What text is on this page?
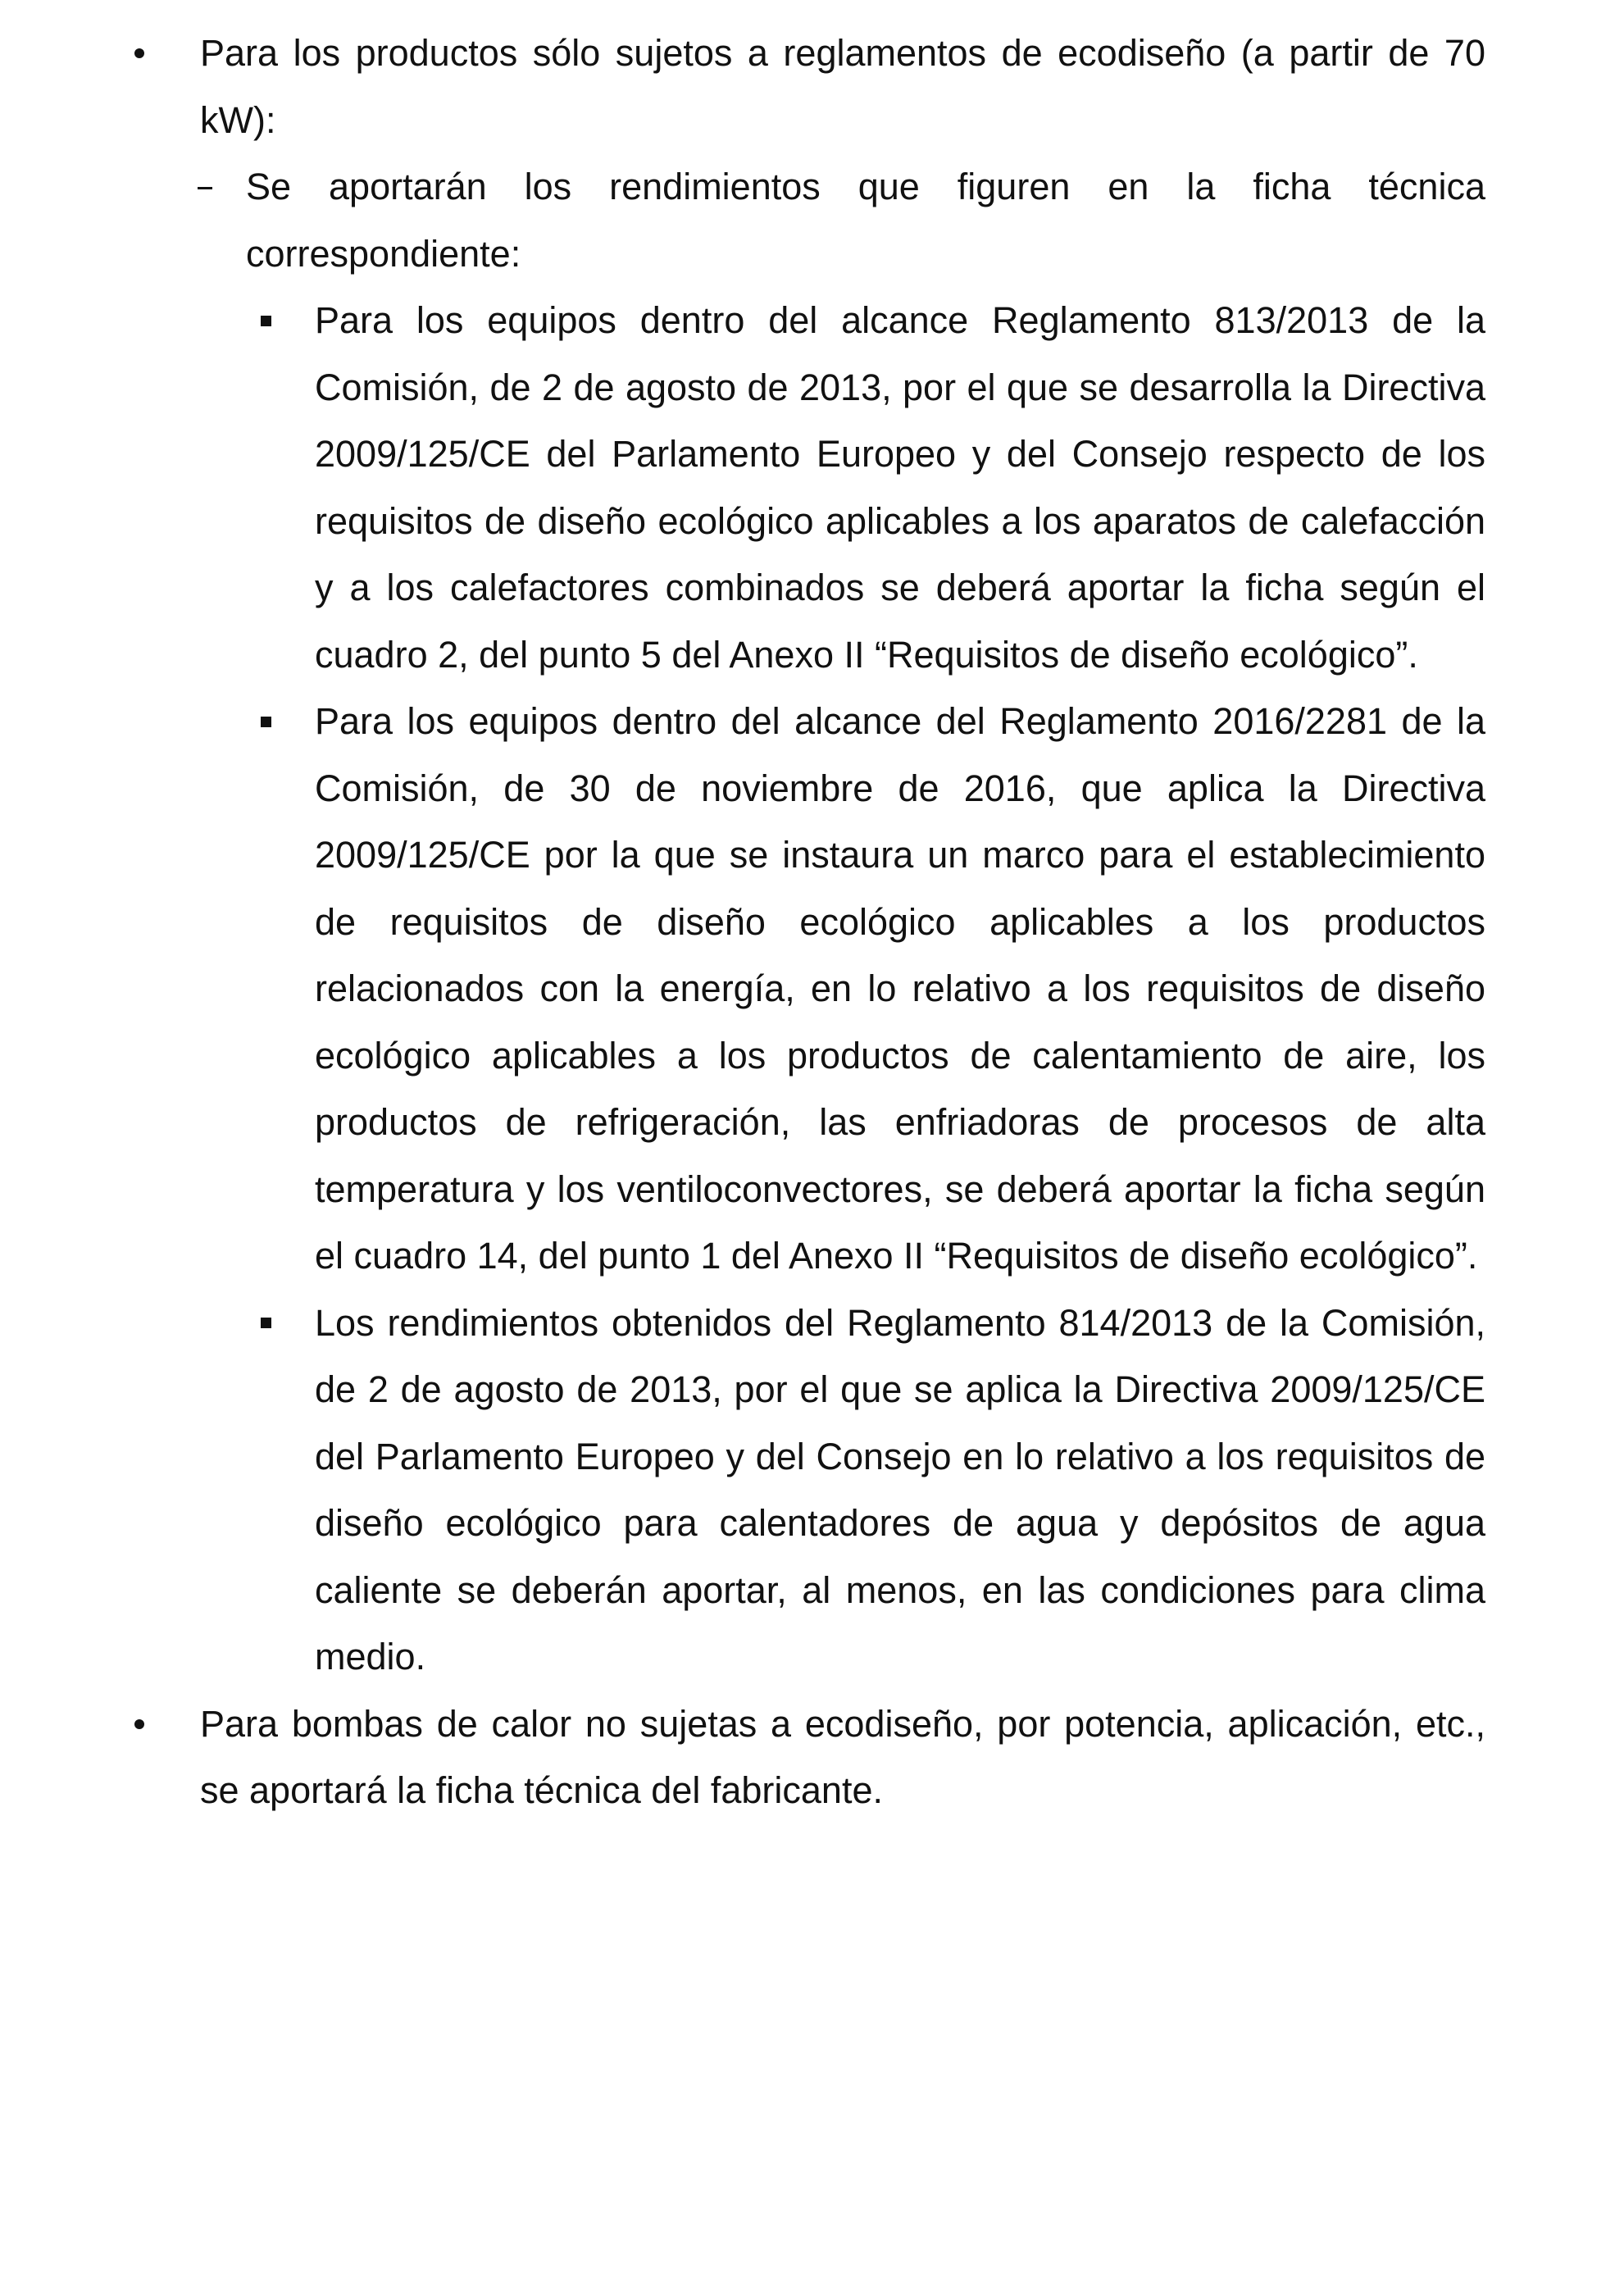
Para los productos sólo sujetos a reglamentos de ecodiseño (a partir de 70 kW):
Se aportarán los rendimientos que figuren en la ficha técnica correspondiente:
Para los equipos dentro del alcance Reglamento 813/2013 de la Comisión, de 2 de agosto de 2013, por el que se desarrolla la Directiva 2009/125/CE del Parlamento Europeo y del Consejo respecto de los requisitos de diseño ecológico aplicables a los aparatos de calefacción y a los calefactores combinados se deberá aportar la ficha según el cuadro 2, del punto 5 del Anexo II “Requisitos de diseño ecológico”.
Para los equipos dentro del alcance del Reglamento 2016/2281 de la Comisión, de 30 de noviembre de 2016, que aplica la Directiva 2009/125/CE por la que se instaura un marco para el establecimiento de requisitos de diseño ecológico aplicables a los productos relacionados con la energía, en lo relativo a los requisitos de diseño ecológico aplicables a los productos de calentamiento de aire, los productos de refrigeración, las enfriadoras de procesos de alta temperatura y los ventiloconvectores, se deberá aportar la ficha según el cuadro 14, del punto 1 del Anexo II “Requisitos de diseño ecológico”.
Los rendimientos obtenidos del Reglamento 814/2013 de la Comisión, de 2 de agosto de 2013, por el que se aplica la Directiva 2009/125/CE del Parlamento Europeo y del Consejo en lo relativo a los requisitos de diseño ecológico para calentadores de agua y depósitos de agua caliente se deberán aportar, al menos, en las condiciones para clima medio.
Para bombas de calor no sujetas a ecodiseño, por potencia, aplicación, etc., se aportará la ficha técnica del fabricante.
